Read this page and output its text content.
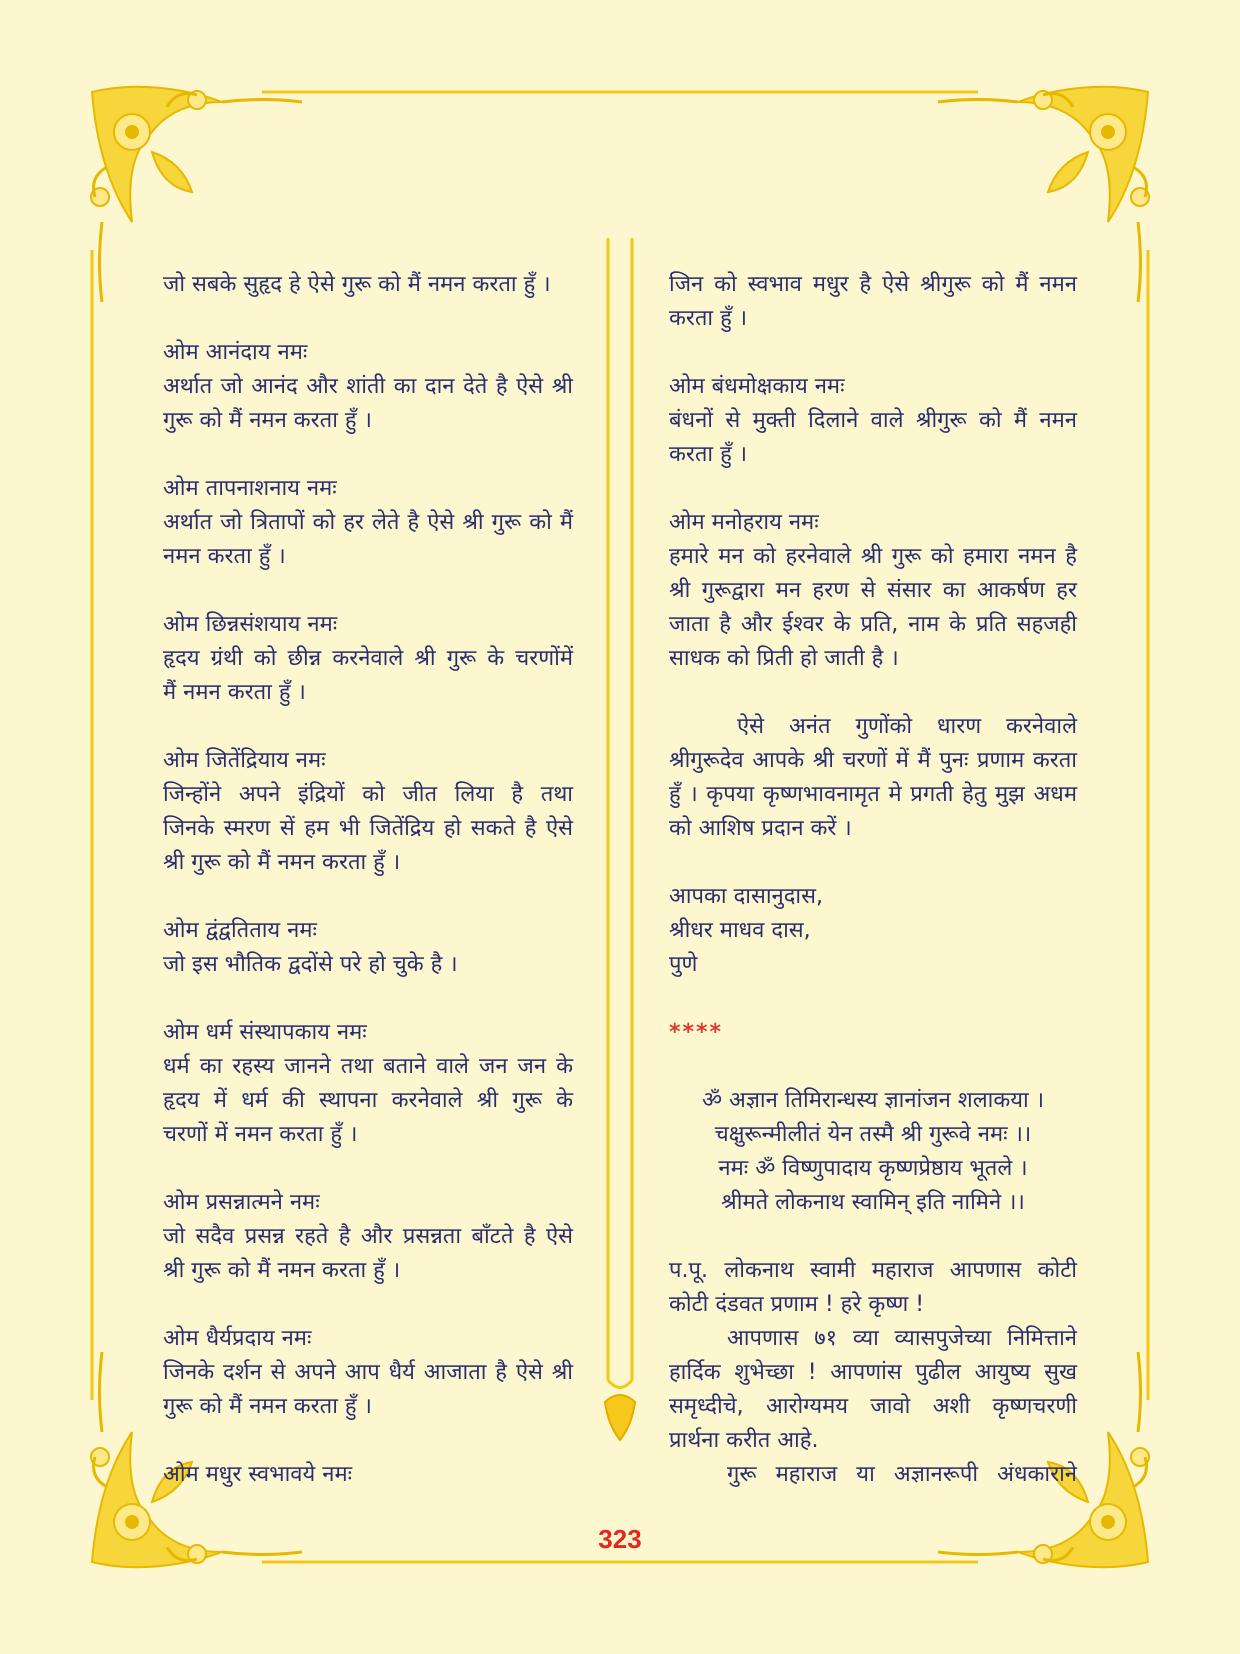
जो सबके सुहृद हे ऐसे गुरू को मैं नमन करता हुँ ।
ओम आनंदाय नमः
अर्थात जो आनंद और शांती का दान देते है ऐसे श्री
गुरू को मैं नमन करता हुँ ।
ओम तापनाशनाय नमः
अर्थात जो त्रितापों को हर लेते है ऐसे श्री गुरू को मैं
नमन करता हुँ ।
ओम छिन्नसंशयाय नमः
हृदय ग्रंथी को छीन्न करनेवाले श्री गुरू के चरणोंमें
मैं नमन करता हुँ ।
ओम जितेंद्रियाय नमः
जिन्होंने अपने इंद्रियों को जीत लिया है तथा
जिनके स्मरण सें हम भी जितेंद्रिय हो सकते है ऐसे
श्री गुरू को मैं नमन करता हुँ ।
ओम द्वंद्वतिताय नमः
जो इस भौतिक द्वदोंसे परे हो चुके है ।
ओम धर्म संस्थापकाय नमः
धर्म का रहस्य जानने तथा बताने वाले जन जन के
हृदय में धर्म की स्थापना करनेवाले श्री गुरू के
चरणों में नमन करता हुँ ।
ओम प्रसन्नात्मने नमः
जो सदैव प्रसन्न रहते है और प्रसन्नता बाँटते है ऐसे
श्री गुरू को मैं नमन करता हुँ ।
ओम धैर्यप्रदाय नमः
जिनके दर्शन से अपने आप धैर्य आजाता है ऐसे श्री
गुरू को मैं नमन करता हुँ ।
ओम मधुर स्वभावये नमः
जिन को स्वभाव मधुर है ऐसे श्रीगुरू को मैं नमन
करता हुँ ।
ओम बंधमोक्षकाय नमः
बंधनों से मुक्ती दिलाने वाले श्रीगुरू को मैं नमन
करता हुँ ।
ओम मनोहराय नमः
हमारे मन को हरनेवाले श्री गुरू को हमारा नमन है
श्री गुरूद्वारा मन हरण से संसार का आकर्षण हर
जाता है और ईश्वर के प्रति, नाम के प्रति सहजही
साधक को प्रिती हो जाती है ।
ऐसे अनंत गुणोंको धारण करनेवाले
श्रीगुरूदेव आपके श्री चरणों में मैं पुनः प्रणाम करता
हुँ । कृपया कृष्णभावनामृत मे प्रगती हेतु मुझ अधम
को आशिष प्रदान करें ।
आपका दासानुदास,
श्रीधर माधव दास,
पुणे
****
ॐ अज्ञान तिमिरान्धस्य ज्ञानांजन शलाकया ।
चक्षुरून्मीलीतं येन तस्मै श्री गुरूवे नमः ।।
नमः ॐ विष्णुपादाय कृष्णप्रेष्ठाय भूतले ।
श्रीमते लोकनाथ स्वामिन् इति नामिने ।।
प.पू. लोकनाथ स्वामी महाराज आपणास कोटी
कोटी दंडवत प्रणाम ! हरे कृष्ण !
आपणास ७१ व्या व्यासपुजेच्या निमित्ताने
हार्दिक शुभेच्छा ! आपणांस पुढील आयुष्य सुख
समृध्दीचे, आरोग्यमय जावो अशी कृष्णचरणी
प्रार्थना करीत आहे.
गुरू महाराज या अज्ञानरूपी अंधकाराने
323
